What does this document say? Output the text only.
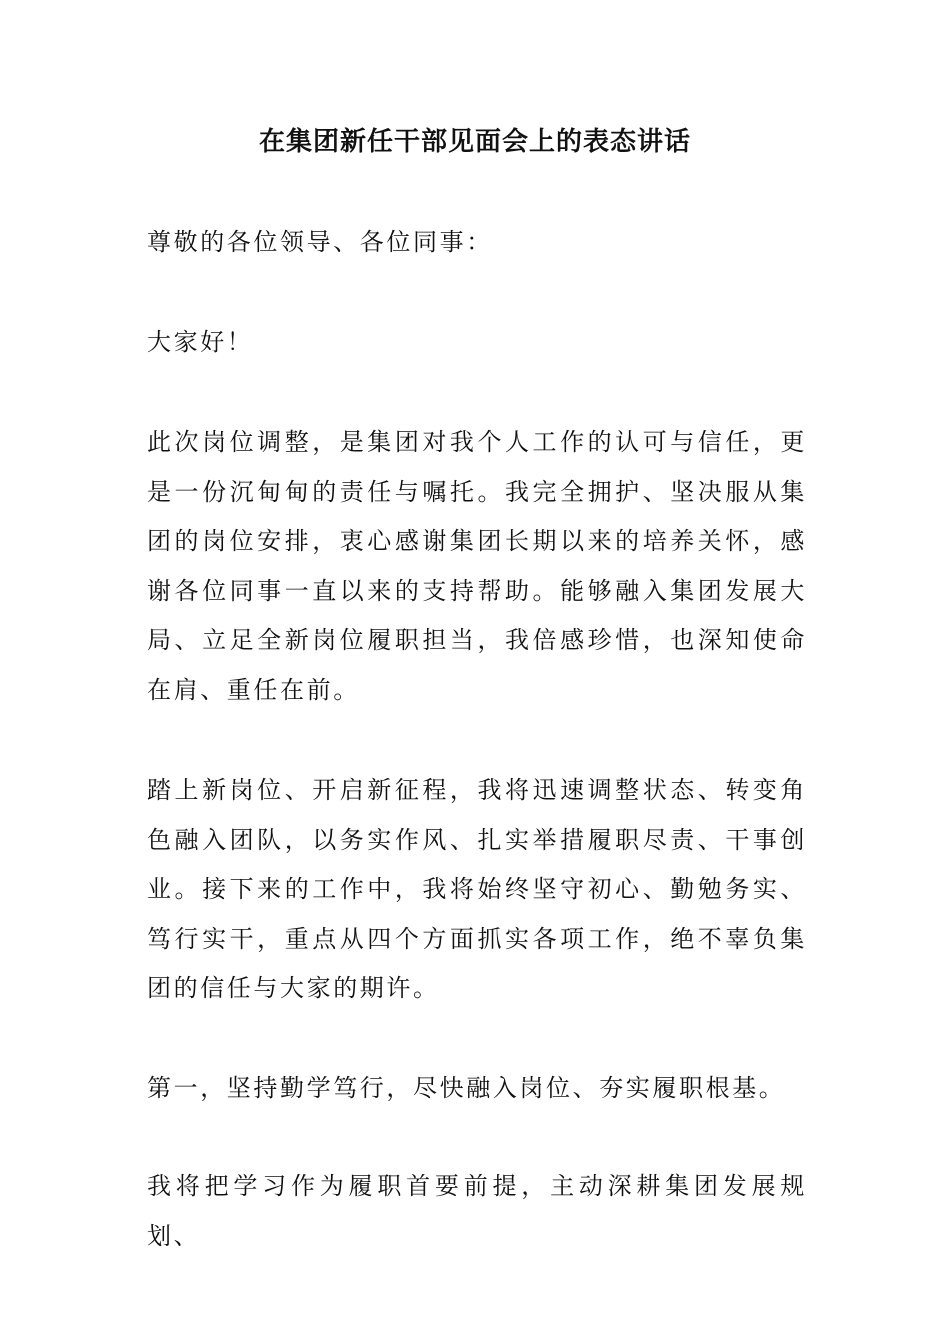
在集团新任干部见面会上的表态讲话

尊敬的各位领导、各位同事：

大家好！

此次岗位调整，是集团对我个人工作的认可与信任，更是一份沉甸甸的责任与嘱托。我完全拥护、坚决服从集团的岗位安排，衷心感谢集团长期以来的培养关怀，感谢各位同事一直以来的支持帮助。能够融入集团发展大局、立足全新岗位履职担当，我倍感珍惜，也深知使命在肩、重任在前。

踏上新岗位、开启新征程，我将迅速调整状态、转变角色融入团队，以务实作风、扎实举措履职尽责、干事创业。接下来的工作中，我将始终坚守初心、勤勉务实、笃行实干，重点从四个方面抓实各项工作，绝不辜负集团的信任与大家的期许。

第一，坚持勤学笃行，尽快融入岗位、夯实履职根基。

我将把学习作为履职首要前提，主动深耕集团发展规划、
